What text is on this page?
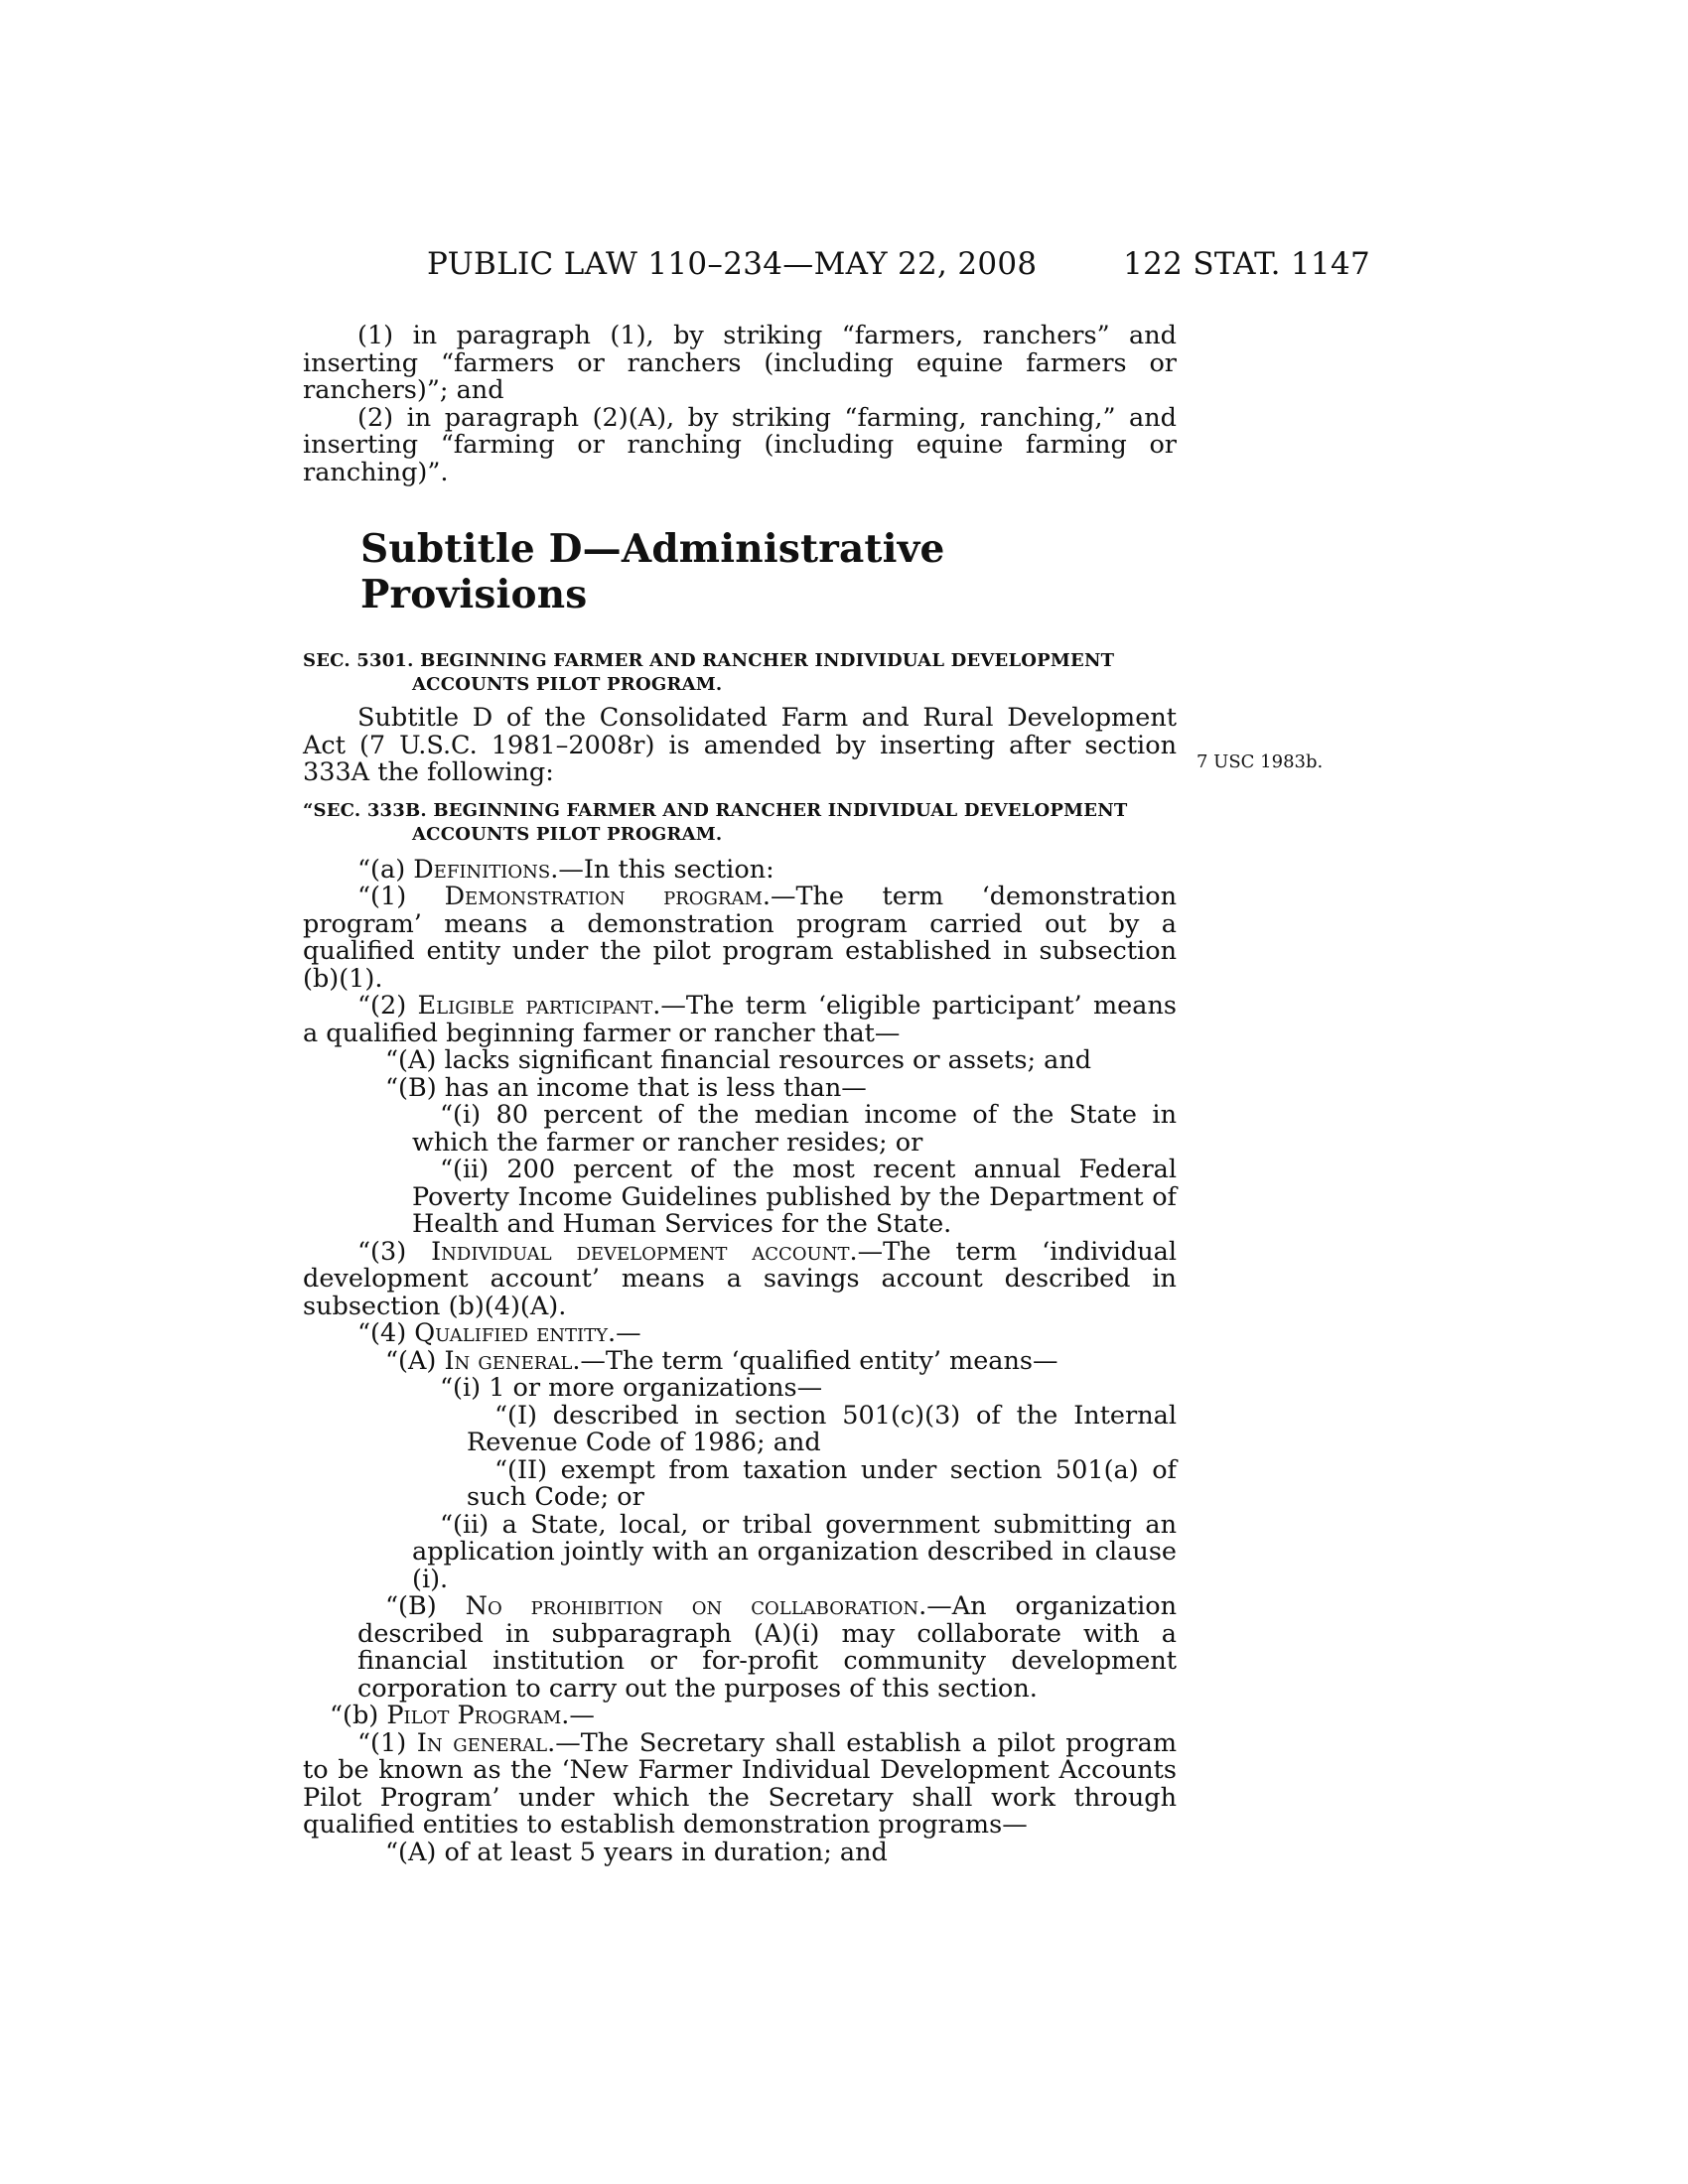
PUBLIC LAW 110–234—MAY 22, 2008	122 STAT. 1147
7 USC 1983b.

(1) in paragraph (1), by striking “farmers, ranchers” and inserting “farmers or ranchers (including equine farmers or ranchers)”; and

(2) in paragraph (2)(A), by striking “farming, ranching,” and inserting “farming or ranching (including equine farming or ranching)”.

Subtitle D—Administrative Provisions

SEC. 5301. BEGINNING FARMER AND RANCHER INDIVIDUAL DEVELOPMENT ACCOUNTS PILOT PROGRAM.

Subtitle D of the Consolidated Farm and Rural Development Act (7 U.S.C. 1981–2008r) is amended by inserting after section 333A the following:

“SEC. 333B. BEGINNING FARMER AND RANCHER INDIVIDUAL DEVELOPMENT ACCOUNTS PILOT PROGRAM.

“(a) Definitions.—In this section:

“(1) Demonstration program.—The term ‘demonstration program’ means a demonstration program carried out by a qualified entity under the pilot program established in subsection (b)(1).

“(2) Eligible participant.—The term ‘eligible participant’ means a qualified beginning farmer or rancher that—

“(A) lacks significant financial resources or assets; and

“(B) has an income that is less than—

“(i) 80 percent of the median income of the State in which the farmer or rancher resides; or

“(ii) 200 percent of the most recent annual Federal Poverty Income Guidelines published by the Department of Health and Human Services for the State.

“(3) Individual development account.—The term ‘individual development account’ means a savings account described in subsection (b)(4)(A).

“(4) Qualified entity.—

“(A) In general.—The term ‘qualified entity’ means—

“(i) 1 or more organizations—

“(I) described in section 501(c)(3) of the Internal Revenue Code of 1986; and

“(II) exempt from taxation under section 501(a) of such Code; or

“(ii) a State, local, or tribal government submitting an application jointly with an organization described in clause (i).

“(B) No prohibition on collaboration.—An organization described in subparagraph (A)(i) may collaborate with a financial institution or for-profit community development corporation to carry out the purposes of this section.

“(b) Pilot Program.—

“(1) In general.—The Secretary shall establish a pilot program to be known as the ‘New Farmer Individual Development Accounts Pilot Program’ under which the Secretary shall work through qualified entities to establish demonstration programs—

“(A) of at least 5 years in duration; and
